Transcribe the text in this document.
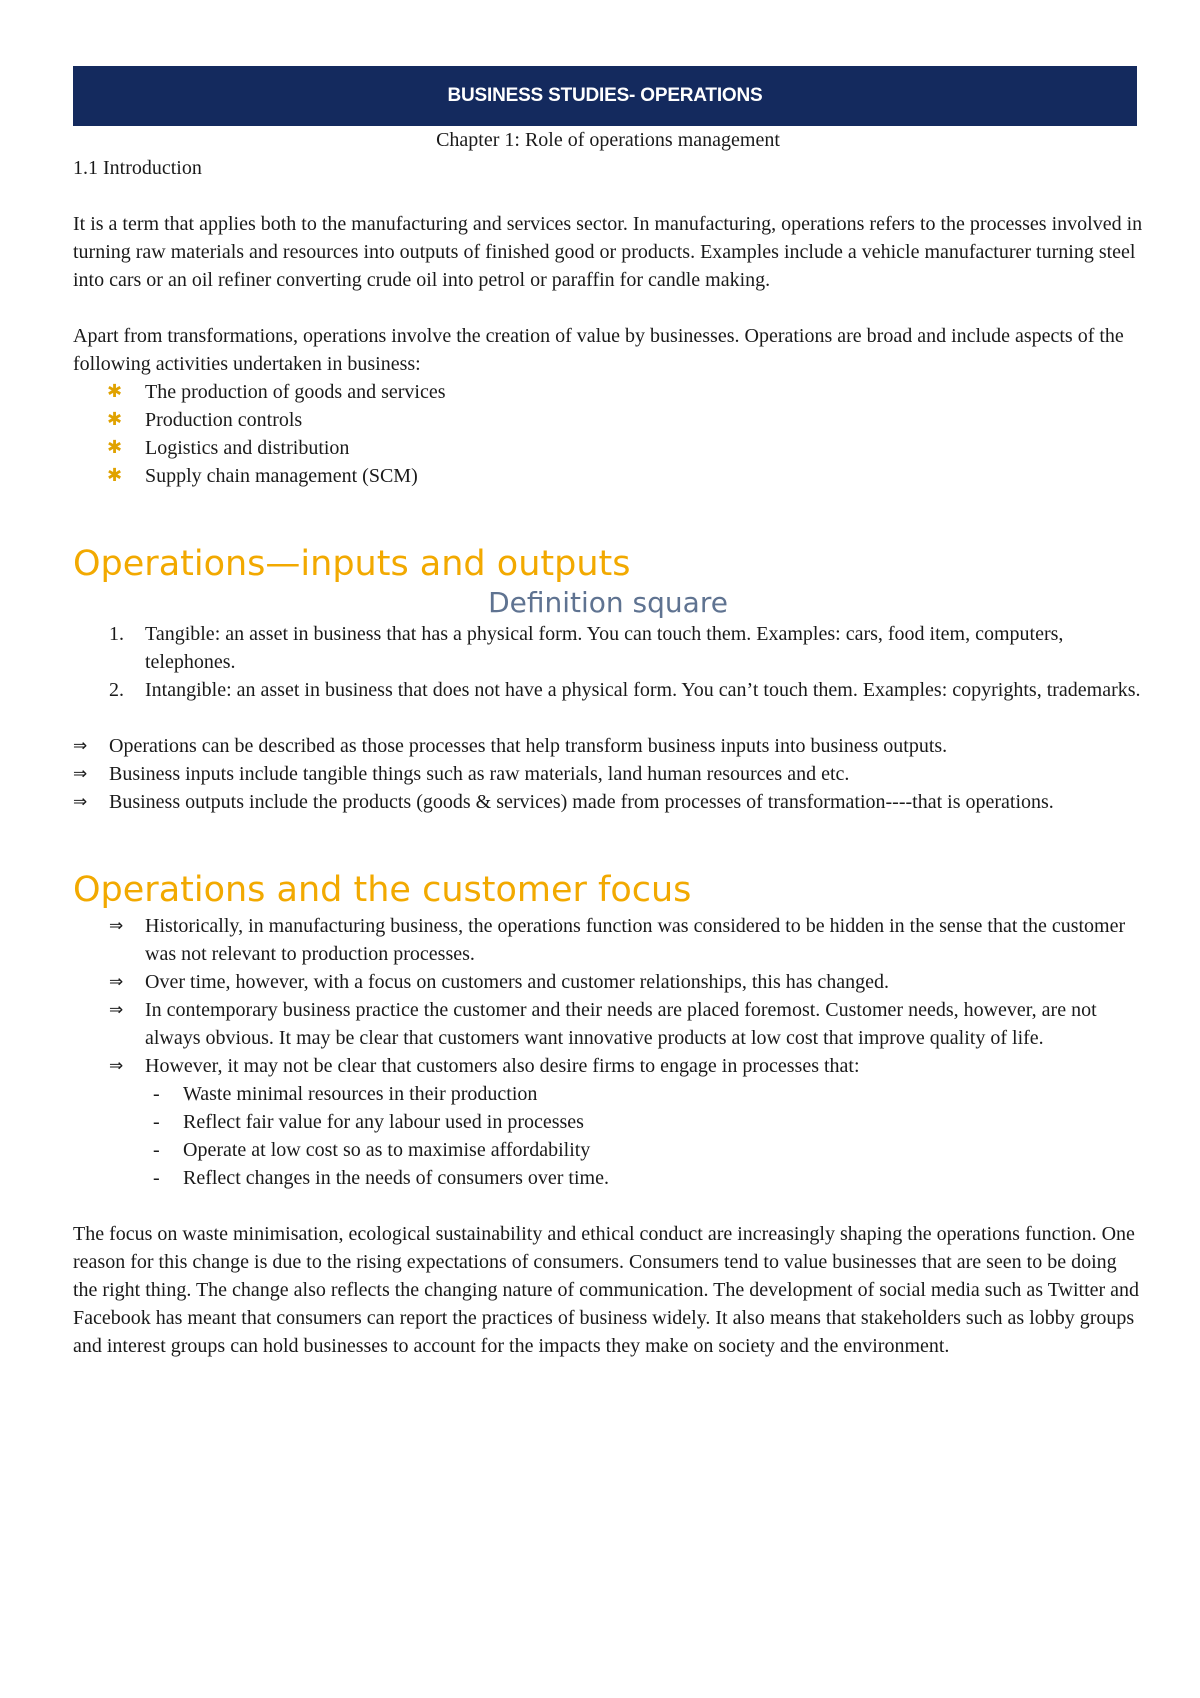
BUSINESS STUDIES- OPERATIONS

Chapter 1: Role of operations management

1.1 Introduction

It is a term that applies both to the manufacturing and services sector. In manufacturing, operations refers to the processes involved in turning raw materials and resources into outputs of finished good or products. Examples include a vehicle manufacturer turning steel into cars or an oil refiner converting crude oil into petrol or paraffin for candle making.

Apart from transformations, operations involve the creation of value by businesses. Operations are broad and include aspects of the following activities undertaken in business:

✱ The production of goods and services
✱ Production controls
✱ Logistics and distribution
✱ Supply chain management (SCM)
Operations—inputs and outputs
Definition square
1. Tangible: an asset in business that has a physical form. You can touch them. Examples: cars, food item, computers, telephones.
2. Intangible: an asset in business that does not have a physical form. You can’t touch them. Examples: copyrights, trademarks.
⇒ Operations can be described as those processes that help transform business inputs into business outputs.
⇒ Business inputs include tangible things such as raw materials, land human resources and etc.
⇒ Business outputs include the products (goods & services) made from processes of transformation----that is operations.
Operations and the customer focus
⇒ Historically, in manufacturing business, the operations function was considered to be hidden in the sense that the customer was not relevant to production processes.
⇒ Over time, however, with a focus on customers and customer relationships, this has changed.
⇒ In contemporary business practice the customer and their needs are placed foremost. Customer needs, however, are not always obvious. It may be clear that customers want innovative products at low cost that improve quality of life.
⇒ However, it may not be clear that customers also desire firms to engage in processes that:
- Waste minimal resources in their production
- Reflect fair value for any labour used in processes
- Operate at low cost so as to maximise affordability
- Reflect changes in the needs of consumers over time.

The focus on waste minimisation, ecological sustainability and ethical conduct are increasingly shaping the operations function. One reason for this change is due to the rising expectations of consumers. Consumers tend to value businesses that are seen to be doing the right thing. The change also reflects the changing nature of communication. The development of social media such as Twitter and Facebook has meant that consumers can report the practices of business widely. It also means that stakeholders such as lobby groups and interest groups can hold businesses to account for the impacts they make on society and the environment.
